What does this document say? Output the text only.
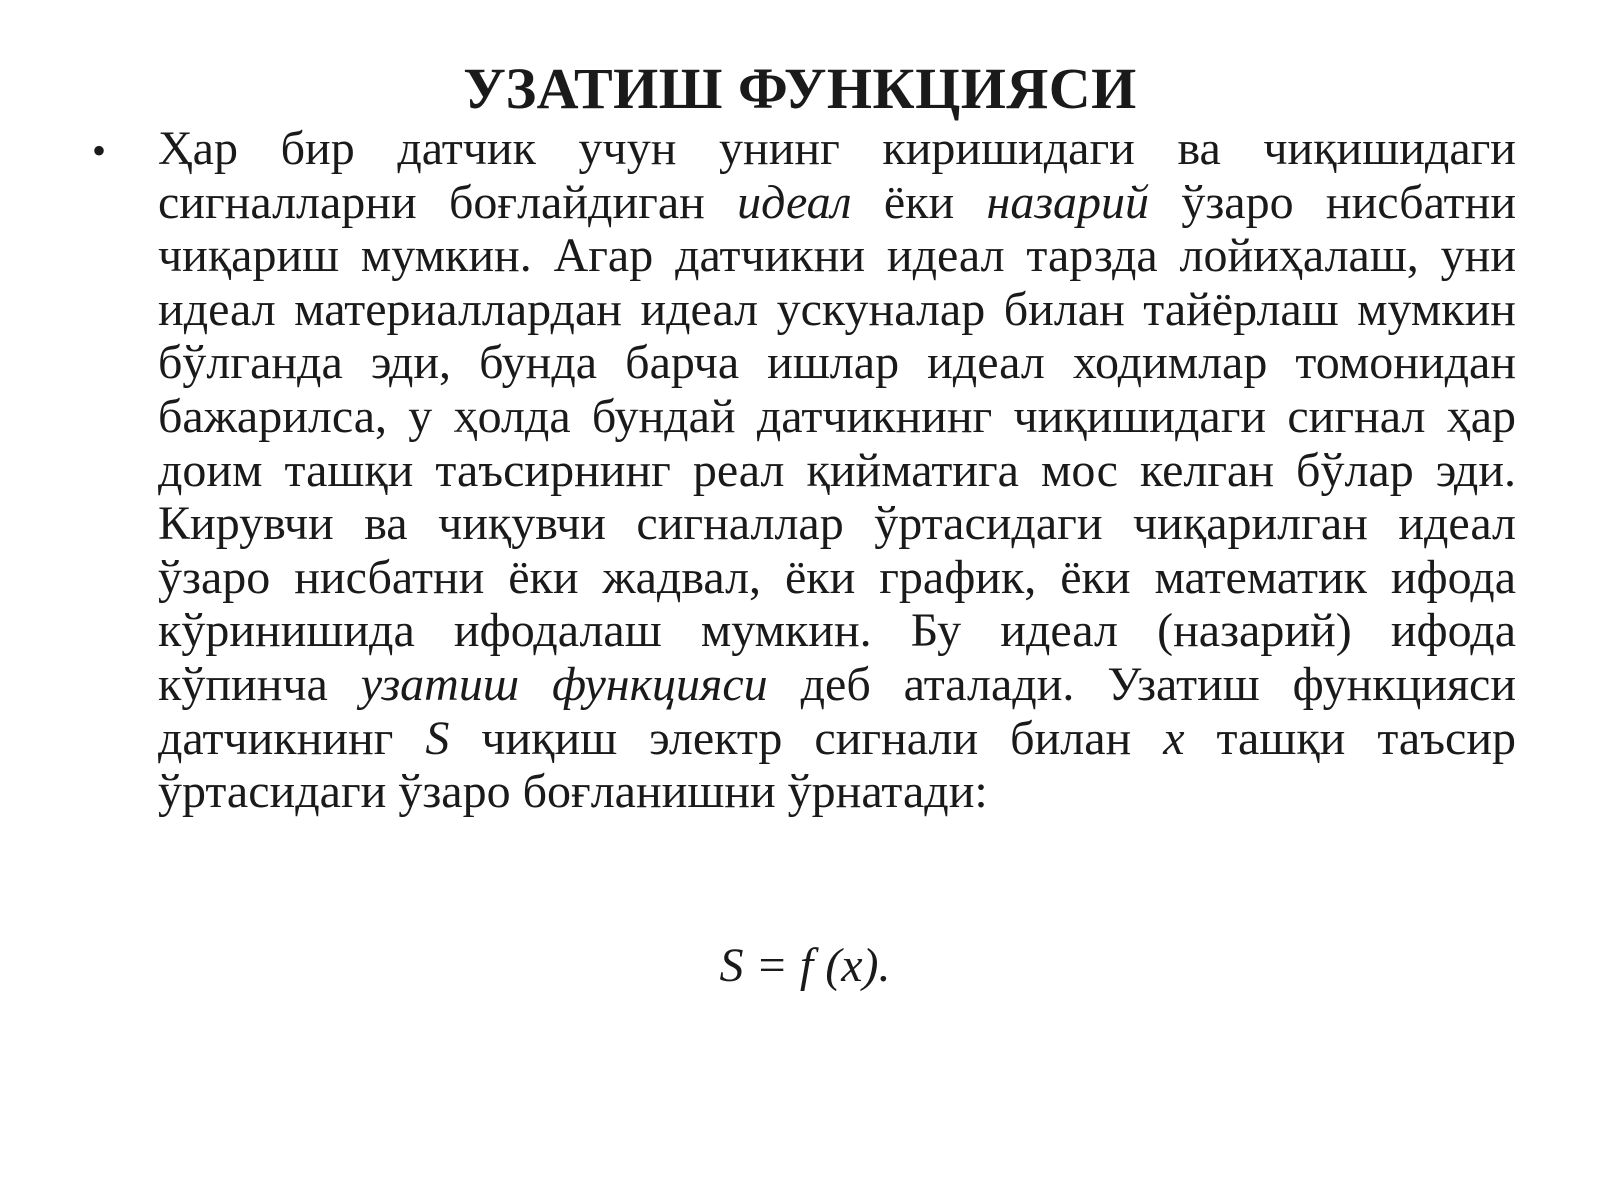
УЗАТИШ ФУНКЦИЯСИ
• Ҳар бир датчик учун унинг киришидаги ва чиқишидаги сигналларни боғлайдиган идеал ёки назарий ўзаро нисбатни чиқариш мумкин. Агар датчикни идеал тарзда лойиҳалаш, уни идеал материаллардан идеал ускуналар билан тайёрлаш мумкин бўлганда эди, бунда барча ишлар идеал ходимлар томонидан бажарилса, у ҳолда бундай датчикнинг чиқишидаги сигнал ҳар доим ташқи таъсирнинг реал қийматига мос келган бўлар эди. Кирувчи ва чиқувчи сигналлар ўртасидаги чиқарилган идеал ўзаро нисбатни ёки жадвал, ёки график, ёки математик ифода кўринишида ифодалаш мумкин. Бу идеал (назарий) ифода кўпинча узатиш функцияси деб аталади. Узатиш функцияси датчикнинг S чиқиш электр сигнали билан x ташқи таъсир ўртасидаги ўзаро боғланишни ўрнатади:
S = f (x).
